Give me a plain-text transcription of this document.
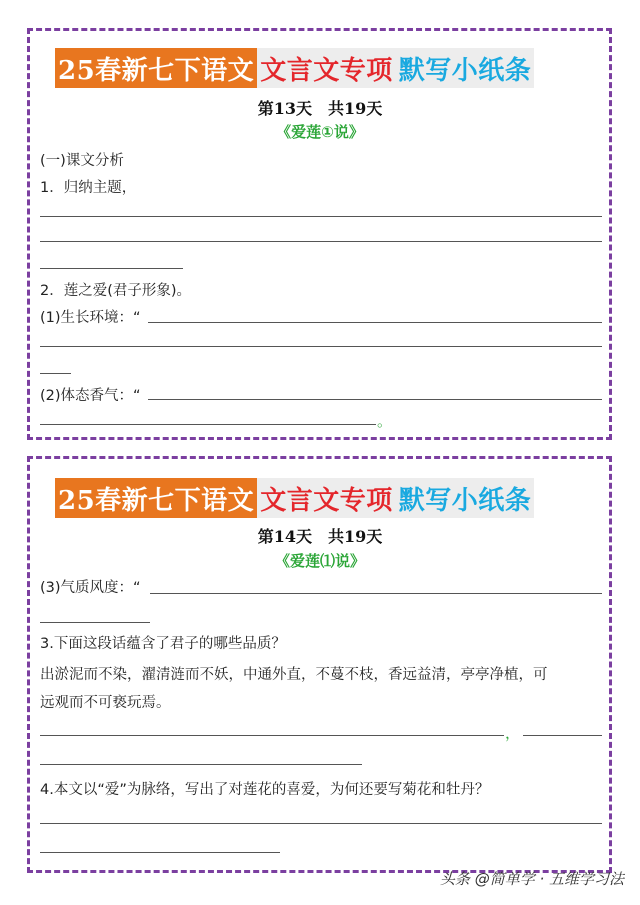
25春新七下语文 文言文专项 默写小纸条
第13天　共19天
《爱莲①说》
(一)课文分析
1．归纳主题，
2．莲之爱(君子形象)。
(1)生长环境：“
(2)体态香气：“
。
25春新七下语文 文言文专项 默写小纸条
第14天　共19天
《爱莲⑴说》
(3)气质风度：“
3.下面这段话蕴含了君子的哪些品质？
出淤泥而不染，濯清涟而不妖，中通外直，不蔓不枝，香远益清，亭亭净植，可
远观而不可亵玩焉。
，
4.本文以“爱”为脉络，写出了对莲花的喜爱，为何还要写菊花和牡丹？
头条 @简单学 · 五维学习法
